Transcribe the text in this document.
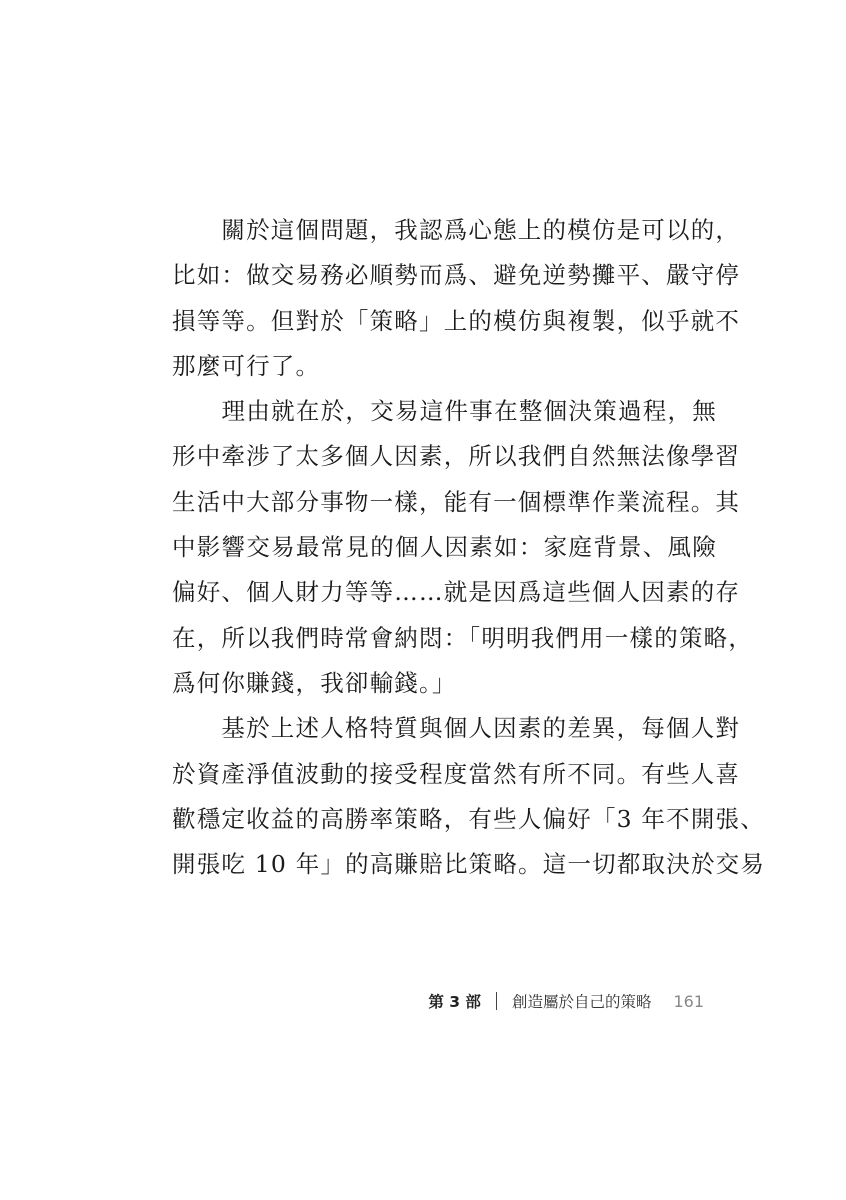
　　關於這個問題，我認爲心態上的模仿是可以的，
比如：做交易務必順勢而爲、避免逆勢攤平、嚴守停
損等等。但對於「策略」上的模仿與複製，似乎就不
那麼可行了。
　　理由就在於，交易這件事在整個決策過程，無
形中牽涉了太多個人因素，所以我們自然無法像學習
生活中大部分事物一樣，能有一個標準作業流程。其
中影響交易最常見的個人因素如：家庭背景、風險
偏好、個人財力等等……就是因爲這些個人因素的存
在，所以我們時常會納悶：「明明我們用一樣的策略，
爲何你賺錢，我卻輸錢。」
　　基於上述人格特質與個人因素的差異，每個人對
於資產淨值波動的接受程度當然有所不同。有些人喜
歡穩定收益的高勝率策略，有些人偏好「3 年不開張、
開張吃 10 年」的高賺賠比策略。這一切都取決於交易
第 3 部 創造屬於自己的策略 161
